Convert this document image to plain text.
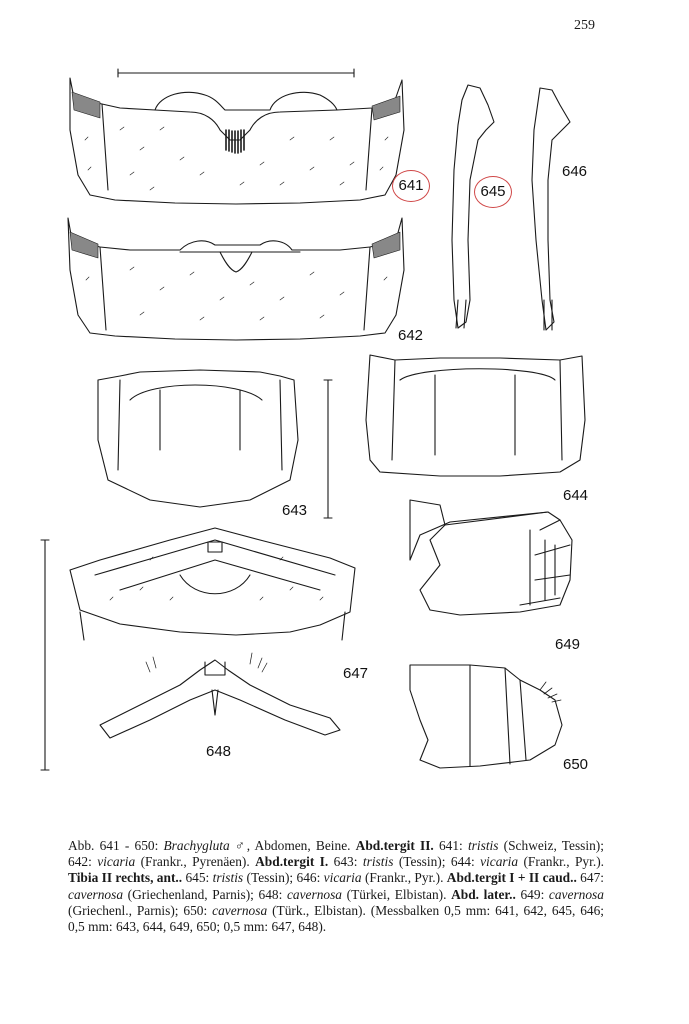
259
641
642
643
644
645
646
647
648
649
650
Abb. 641 - 650: Brachygluta ♂, Abdomen, Beine. Abd.tergit II. 641: tristis (Schweiz, Tessin); 642: vicaria (Frankr., Pyrenäen). Abd.tergit I. 643: tristis (Tessin); 644: vicaria (Frankr., Pyr.). Tibia II rechts, ant.. 645: tristis (Tessin); 646: vicaria (Frankr., Pyr.). Abd.tergit I + II caud.. 647: cavernosa (Griechenland, Parnis); 648: cavernosa (Türkei, Elbistan). Abd. later.. 649: cavernosa (Griechenl., Parnis); 650: cavernosa (Türk., Elbistan). (Messbalken 0,5 mm: 641, 642, 645, 646; 0,5 mm: 643, 644, 649, 650; 0,5 mm: 647, 648).
